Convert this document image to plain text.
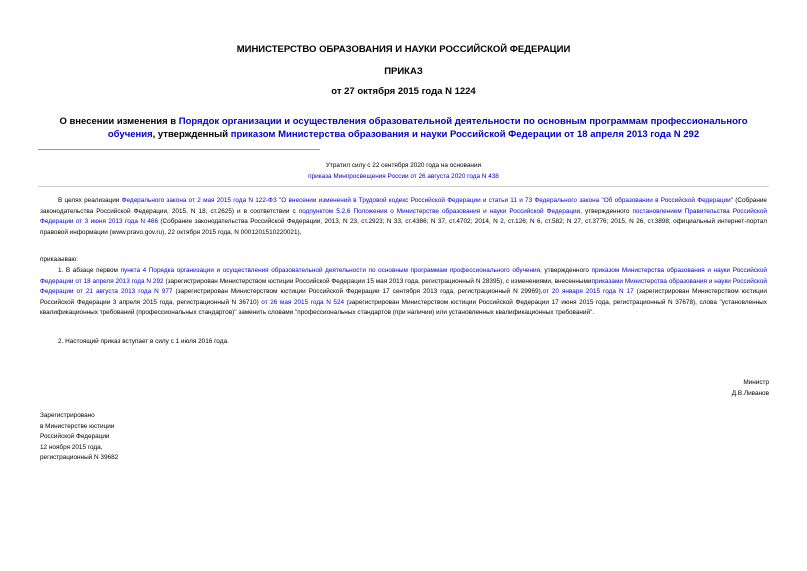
МИНИСТЕРСТВО ОБРАЗОВАНИЯ И НАУКИ РОССИЙСКОЙ ФЕДЕРАЦИИ
ПРИКАЗ
от 27 октября 2015 года N 1224
О внесении изменения в Порядок организации и осуществления образовательной деятельности по основным программам профессионального обучения, утвержденный приказом Министерства образования и науки Российской Федерации от 18 апреля 2013 года N 292
Утратил силу с 22 сентября 2020 года на основании
приказа Минпросвещения России от 26 августа 2020 года N 438
В целях реализации Федерального закона от 2 мая 2015 года N 122-ФЗ "О внесении изменений в Трудовой кодекс Российской Федерации и статьи 11 и 73 Федерального закона "Об образовании в Российской Федерации" (Собрание законодательства Российской Федерации, 2015, N 18, ст.2625) и в соответствии с подпунктом 5.2.6 Положения о Министерстве образования и науки Российской Федерации, утвержденного постановлением Правительства Российской Федерации от 3 июня 2013 года N 466 (Собрание законодательства Российской Федерации, 2013, N 23, ст.2923; N 33, ст.4386; N 37, ст.4702; 2014, N 2, ст.126; N 6, ст.582; N 27, ст.3776; 2015, N 26, ст.3898; официальный интернет-портал правовой информации (www.pravo.gov.ru), 22 октября 2015 года, N 0001201510220021),
приказываю:
1. В абзаце первом пункта 4 Порядка организации и осуществления образовательной деятельности по основным программам профессионального обучения, утвержденного приказом Министерства образования и науки Российской Федерации от 18 апреля 2013 года N 292 (зарегистрирован Министерством юстиции Российской Федерации 15 мая 2013 года, регистрационный N 28395), с изменениями, внесеннымиприказами Министерства образования и науки Российской Федерации от 21 августа 2013 года N 977 (зарегистрирован Министерством юстиции Российской Федерации 17 сентября 2013 года, регистрационный N 29969),от 20 января 2015 года N 17 (зарегистрирован Министерством юстиции Российской Федерации 3 апреля 2015 года, регистрационный N 36710) от 26 мая 2015 года N 524 (зарегистрирован Министерством юстиции Российской Федерации 17 июня 2015 года, регистрационный N 37678), слова "установленных квалификационных требований (профессиональных стандартов)" заменить словами "профессиональных стандартов (при наличии) или установленных квалификационных требований".
2. Настоящий приказ вступает в силу с 1 июля 2016 года.
Министр
Д.В.Ливанов
Зарегистрировано
в Министерстве юстиции
Российской Федерации
12 ноября 2015 года,
регистрационный N 39682
